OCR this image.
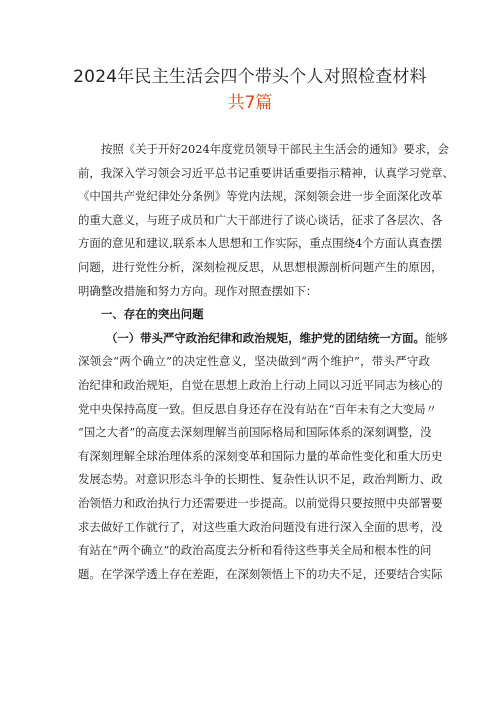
2024年民主生活会四个带头个人对照检查材料
共7篇
按照《关于开好2024年度党员领导干部民主生活会的通知》要求，会
前，我深入学习领会习近平总书记重要讲话重要指示精神，认真学习党章、
《中国共产党纪律处分条例》等党内法规，深刻领会进一步全面深化改革
的重大意义，与班子成员和广大干部进行了谈心谈话，征求了各层次、各
方面的意见和建议,联系本人思想和工作实际，重点围绕4个方面认真查摆
问题，进行党性分析，深刻检视反思，从思想根源剖析问题产生的原因，
明确整改措施和努力方向。现作对照查摆如下：
一、存在的突出问题
（一）带头严守政治纪律和政治规矩，维护党的团结统一方面。能够
深领会“两个确立”的决定性意义，坚决做到“两个维护”，带头严守政
治纪律和政治规矩，自觉在思想上政治上行动上同以习近平同志为核心的
党中央保持高度一致。但反思自身还存在没有站在“百年未有之大变局〃
“国之大者”的高度去深刻理解当前国际格局和国际体系的深刻调整，没
有深刻理解全球治理体系的深刻变革和国际力量的革命性变化和重大历史
发展态势。对意识形态斗争的长期性、复杂性认识不足，政治判断力、政
治领悟力和政治执行力还需要进一步提高。以前觉得只要按照中央部署要
求去做好工作就行了，对这些重大政治问题没有进行深入全面的思考，没
有站在“两个确立”的政治高度去分析和看待这些事关全局和根本性的问
题。在学深学透上存在差距，在深刻领悟上下的功夫不足，还要结合实际
